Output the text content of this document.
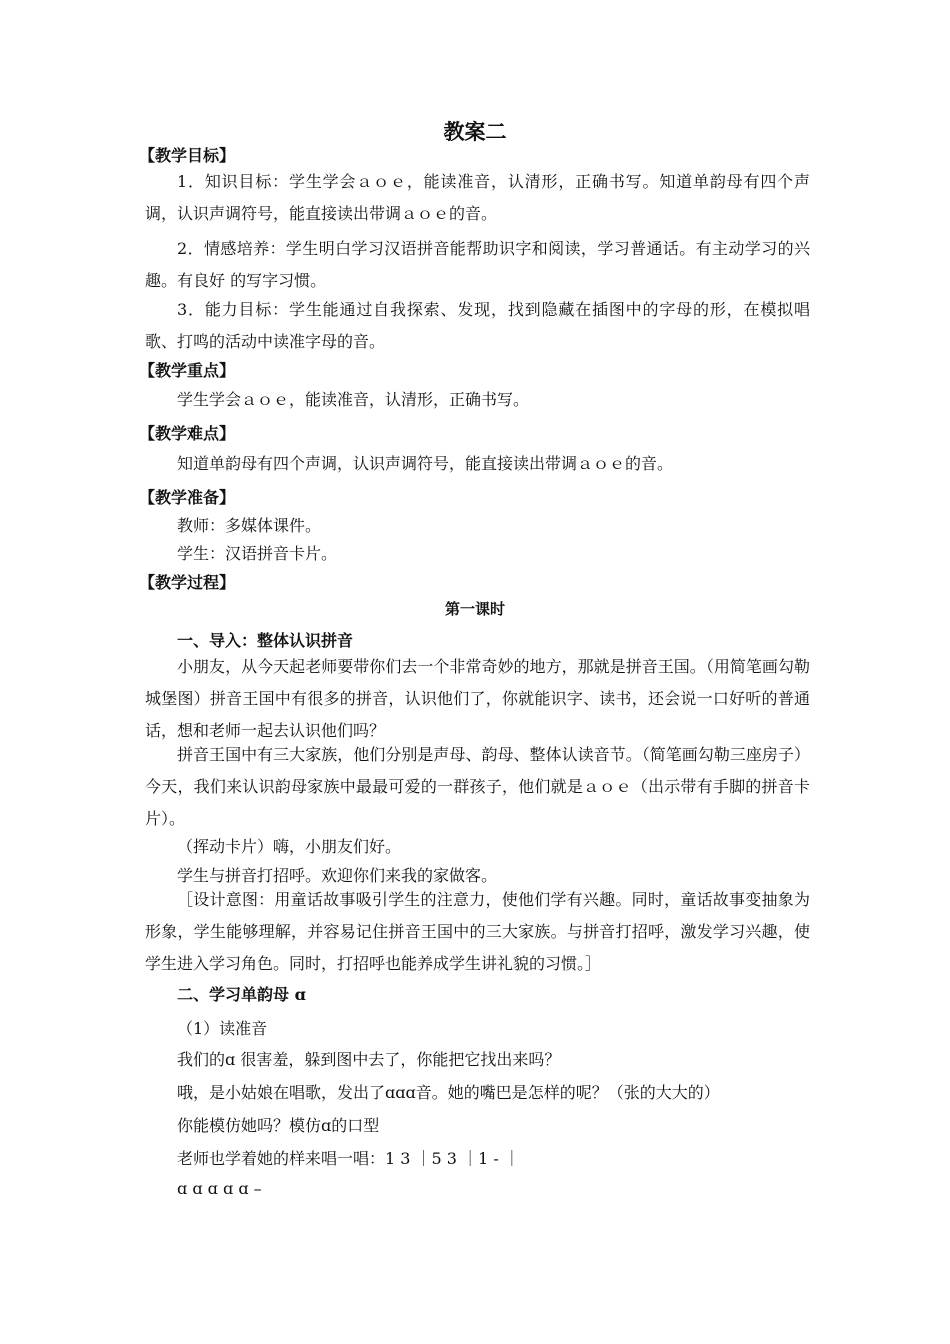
教案二
【教学目标】
1．知识目标：学生学会ａｏｅ，能读准音，认清形，正确书写。知道单韵母有四个声调，认识声调符号，能直接读出带调ａｏｅ的音。
2．情感培养：学生明白学习汉语拼音能帮助识字和阅读，学习普通话。有主动学习的兴趣。有良好 的写字习惯。
3．能力目标：学生能通过自我探索、发现，找到隐藏在插图中的字母的形，在模拟唱歌、打鸣的活动中读准字母的音。
【教学重点】
学生学会ａｏｅ，能读准音，认清形，正确书写。
【教学难点】
知道单韵母有四个声调，认识声调符号，能直接读出带调ａｏｅ的音。
【教学准备】
教师：多媒体课件。
学生：汉语拼音卡片。
【教学过程】
第一课时
一、导入：整体认识拼音
小朋友，从今天起老师要带你们去一个非常奇妙的地方，那就是拼音王国。（用简笔画勾勒城堡图）拼音王国中有很多的拼音，认识他们了，你就能识字、读书，还会说一口好听的普通话，想和老师一起去认识他们吗？
拼音王国中有三大家族，他们分别是声母、韵母、整体认读音节。（简笔画勾勒三座房子）今天，我们来认识韵母家族中最最可爱的一群孩子，他们就是ａｏｅ（出示带有手脚的拼音卡片）。
（挥动卡片）嗨，小朋友们好。
学生与拼音打招呼。欢迎你们来我的家做客。
［设计意图：用童话故事吸引学生的注意力，使他们学有兴趣。同时，童话故事变抽象为形象，学生能够理解，并容易记住拼音王国中的三大家族。与拼音打招呼，激发学习兴趣，使学生进入学习角色。同时，打招呼也能养成学生讲礼貌的习惯。］
二、学习单韵母 ɑ
（1）读准音
我们的ɑ 很害羞，躲到图中去了，你能把它找出来吗？
哦，是小姑娘在唱歌，发出了ɑɑɑ音。她的嘴巴是怎样的呢？（张的大大的）
你能模仿她吗？模仿ɑ的口型
老师也学着她的样来唱一唱：1 3 ｜5 3 ｜1 - ｜
ɑ ɑ ɑ ɑ ɑ –
